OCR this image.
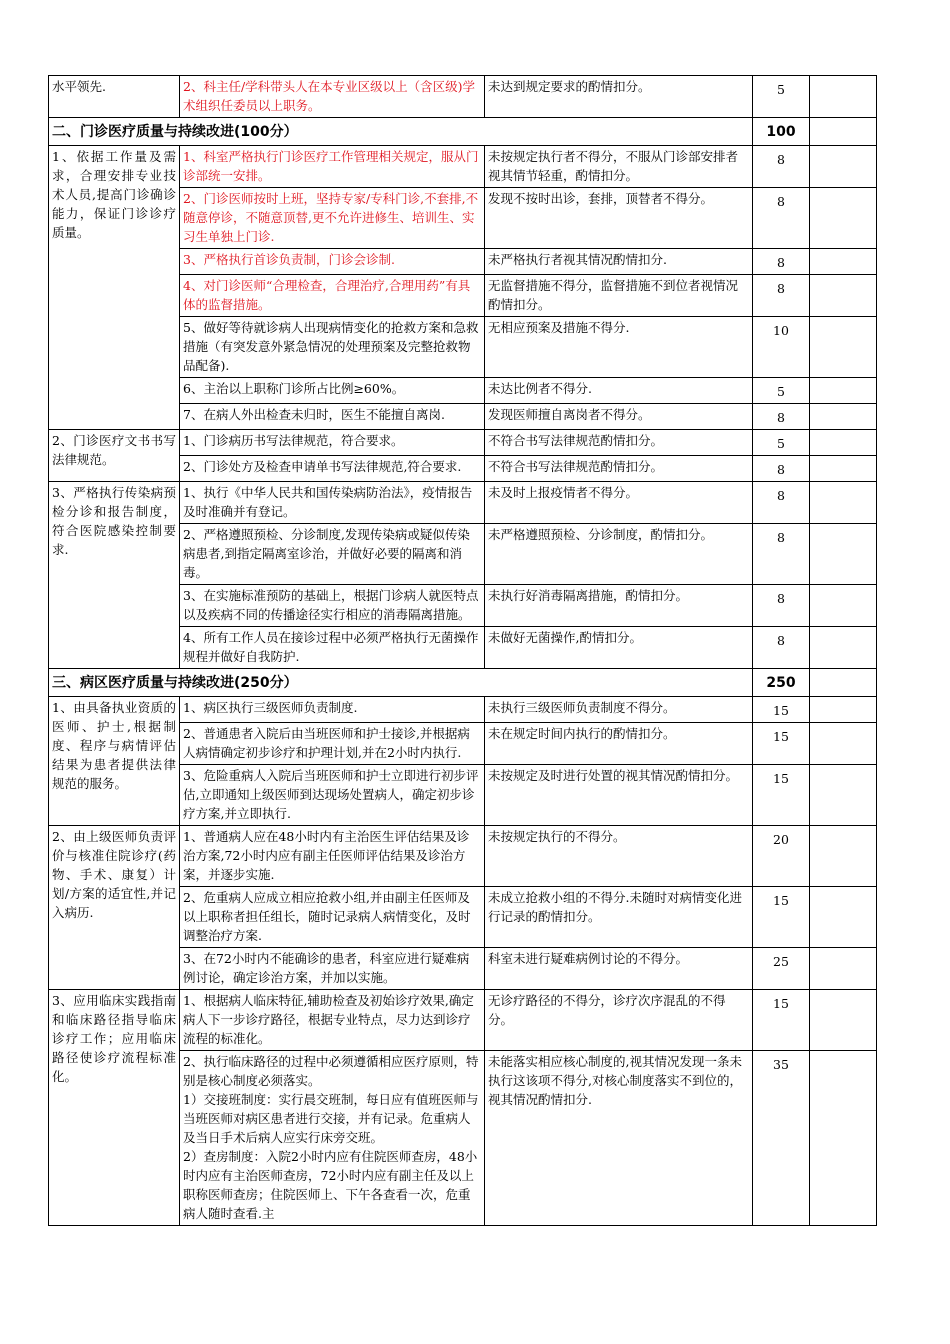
水平领先.	2、科主任/学科带头人在本专业区级以上（含区级)学术组织任委员以上职务。	未达到规定要求的酌情扣分。	5	
二、门诊医疗质量与持续改进(100分）			100	
1、依据工作量及需求，合理安排专业技术人员,提高门诊确诊能力，保证门诊诊疗质量。	1、科室严格执行门诊医疗工作管理相关规定，服从门诊部统一安排。	未按规定执行者不得分，不服从门诊部安排者视其情节轻重，酌情扣分。	8	
	2、门诊医师按时上班，坚持专家/专科门诊,不套排,不随意停诊，不随意顶替,更不允许进修生、培训生、实习生单独上门诊.	发现不按时出诊，套排，顶替者不得分。	8	
	3、严格执行首诊负责制，门诊会诊制.	未严格执行者视其情况酌情扣分.	8	
	4、对门诊医师“合理检查，合理治疗,合理用药”有具体的监督措施。	无监督措施不得分，监督措施不到位者视情况酌情扣分。	8	
	5、做好等待就诊病人出现病情变化的抢救方案和急救措施（有突发意外紧急情况的处理预案及完整抢救物品配备).	无相应预案及措施不得分.	10	
	6、主治以上职称门诊所占比例≥60%。	未达比例者不得分.	5	
	7、在病人外出检查未归时，医生不能擅自离岗.	发现医师擅自离岗者不得分。	8	
2、门诊医疗文书书写法律规范。	1、门诊病历书写法律规范，符合要求。	不符合书写法律规范酌情扣分。	5	
	2、门诊处方及检查申请单书写法律规范,符合要求.	不符合书写法律规范酌情扣分。	8	
3、严格执行传染病预检分诊和报告制度，符合医院感染控制要求.	1、执行《中华人民共和国传染病防治法》，疫情报告及时准确并有登记。	未及时上报疫情者不得分。	8	
	2、严格遵照预检、分诊制度,发现传染病或疑似传染病患者,到指定隔离室诊治，并做好必要的隔离和消毒。	未严格遵照预检、分诊制度，酌情扣分。	8	
	3、在实施标准预防的基础上，根据门诊病人就医特点以及疾病不同的传播途径实行相应的消毒隔离措施。	未执行好消毒隔离措施，酌情扣分。	8	
	4、所有工作人员在接诊过程中必须严格执行无菌操作规程并做好自我防护.	未做好无菌操作,酌情扣分。	8	
三、病区医疗质量与持续改进(250分）			250	
1、由具备执业资质的医师、护士,根据制度、程序与病情评估结果为患者提供法律规范的服务。	1、病区执行三级医师负责制度.	未执行三级医师负责制度不得分。	15	
	2、普通患者入院后由当班医师和护士接诊,并根据病人病情确定初步诊疗和护理计划,并在2小时内执行.	未在规定时间内执行的酌情扣分。	15	
	3、危险重病人入院后当班医师和护士立即进行初步评估,立即通知上级医师到达现场处置病人，确定初步诊疗方案,并立即执行.	未按规定及时进行处置的视其情况酌情扣分。	15	
2、由上级医师负责评价与核准住院诊疗(药物、手术、康复）计划/方案的适宜性,并记入病历.	1、普通病人应在48小时内有主治医生评估结果及诊治方案,72小时内应有副主任医师评估结果及诊治方案，并逐步实施.	未按规定执行的不得分。	20	
	2、危重病人应成立相应抢救小组,并由副主任医师及以上职称者担任组长，随时记录病人病情变化，及时调整治疗方案.	未成立抢救小组的不得分.未随时对病情变化进行记录的酌情扣分。	15	
	3、在72小时内不能确诊的患者，科室应进行疑难病例讨论，确定诊治方案，并加以实施。	科室未进行疑难病例讨论的不得分。	25	
3、应用临床实践指南和临床路径指导临床诊疗工作；应用临床路径使诊疗流程标准化。	1、根据病人临床特征,辅助检查及初始诊疗效果,确定病人下一步诊疗路径，根据专业特点，尽力达到诊疗流程的标准化。	无诊疗路径的不得分，诊疗次序混乱的不得分。	15	
	2、执行临床路径的过程中必须遵循相应医疗原则，特别是核心制度必须落实。
1）交接班制度：实行晨交班制，每日应有值班医师与当班医师对病区患者进行交接，并有记录。危重病人及当日手术后病人应实行床旁交班。
2）查房制度：入院2小时内应有住院医师查房，48小时内应有主治医师查房，72小时内应有副主任及以上职称医师查房；住院医师上、下午各查看一次，危重病人随时查看.主	未能落实相应核心制度的,视其情况发现一条未执行这该项不得分,对核心制度落实不到位的，视其情况酌情扣分.	35	
